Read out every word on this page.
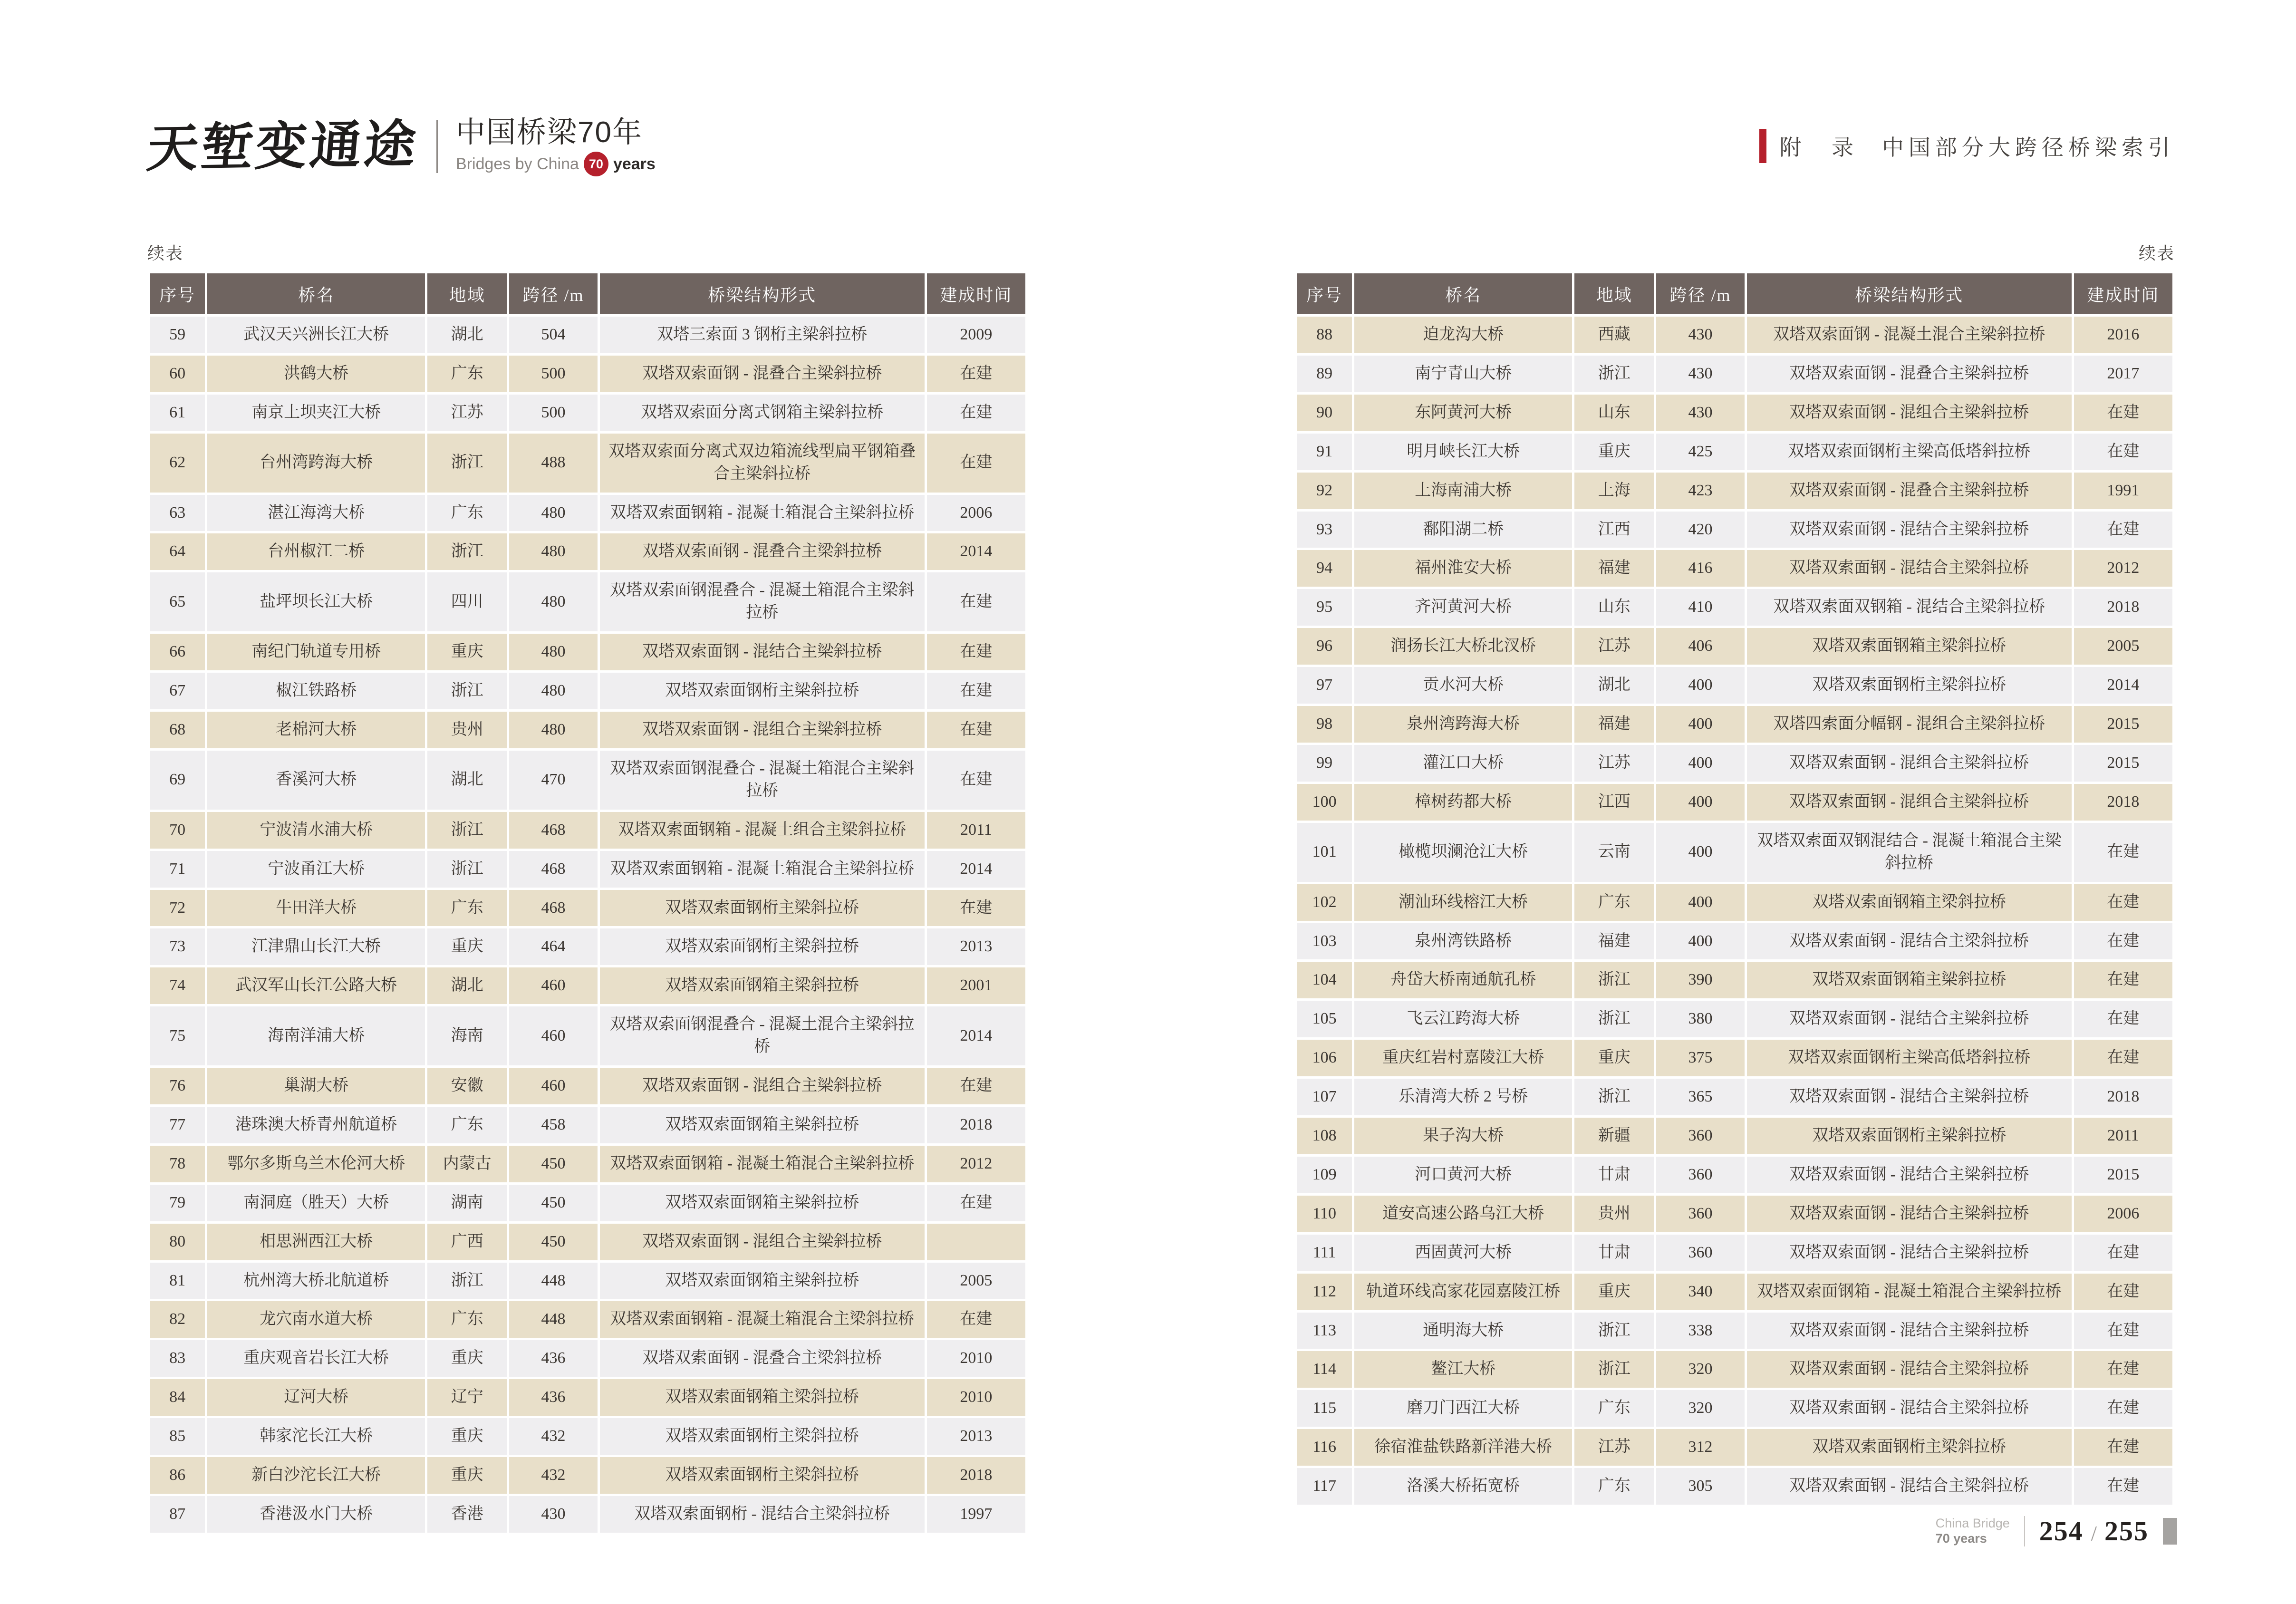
天堑变通途 中国桥梁70年
Bridges by China 70 years
附 录 中国部分大跨径桥梁索引
续表
序号	桥名	地域	跨径 /m	桥梁结构形式	建成时间
59	武汉天兴洲长江大桥	湖北	504	双塔三索面 3 钢桁主梁斜拉桥	2009
60	洪鹤大桥	广东	500	双塔双索面钢 - 混叠合主梁斜拉桥	在建
61	南京上坝夹江大桥	江苏	500	双塔双索面分离式钢箱主梁斜拉桥	在建
62	台州湾跨海大桥	浙江	488	双塔双索面分离式双边箱流线型扁平钢箱叠合主梁斜拉桥	在建
63	湛江海湾大桥	广东	480	双塔双索面钢箱 - 混凝土箱混合主梁斜拉桥	2006
64	台州椒江二桥	浙江	480	双塔双索面钢 - 混叠合主梁斜拉桥	2014
65	盐坪坝长江大桥	四川	480	双塔双索面钢混叠合 - 混凝土箱混合主梁斜拉桥	在建
66	南纪门轨道专用桥	重庆	480	双塔双索面钢 - 混结合主梁斜拉桥	在建
67	椒江铁路桥	浙江	480	双塔双索面钢桁主梁斜拉桥	在建
68	老棉河大桥	贵州	480	双塔双索面钢 - 混组合主梁斜拉桥	在建
69	香溪河大桥	湖北	470	双塔双索面钢混叠合 - 混凝土箱混合主梁斜拉桥	在建
70	宁波清水浦大桥	浙江	468	双塔双索面钢箱 - 混凝土组合主梁斜拉桥	2011
71	宁波甬江大桥	浙江	468	双塔双索面钢箱 - 混凝土箱混合主梁斜拉桥	2014
72	牛田洋大桥	广东	468	双塔双索面钢桁主梁斜拉桥	在建
73	江津鼎山长江大桥	重庆	464	双塔双索面钢桁主梁斜拉桥	2013
74	武汉军山长江公路大桥	湖北	460	双塔双索面钢箱主梁斜拉桥	2001
75	海南洋浦大桥	海南	460	双塔双索面钢混叠合 - 混凝土混合主梁斜拉桥	2014
76	巢湖大桥	安徽	460	双塔双索面钢 - 混组合主梁斜拉桥	在建
77	港珠澳大桥青州航道桥	广东	458	双塔双索面钢箱主梁斜拉桥	2018
78	鄂尔多斯乌兰木伦河大桥	内蒙古	450	双塔双索面钢箱 - 混凝土箱混合主梁斜拉桥	2012
79	南洞庭（胜天）大桥	湖南	450	双塔双索面钢箱主梁斜拉桥	在建
80	相思洲西江大桥	广西	450	双塔双索面钢 - 混组合主梁斜拉桥	
81	杭州湾大桥北航道桥	浙江	448	双塔双索面钢箱主梁斜拉桥	2005
82	龙穴南水道大桥	广东	448	双塔双索面钢箱 - 混凝土箱混合主梁斜拉桥	在建
83	重庆观音岩长江大桥	重庆	436	双塔双索面钢 - 混叠合主梁斜拉桥	2010
84	辽河大桥	辽宁	436	双塔双索面钢箱主梁斜拉桥	2010
85	韩家沱长江大桥	重庆	432	双塔双索面钢桁主梁斜拉桥	2013
86	新白沙沱长江大桥	重庆	432	双塔双索面钢桁主梁斜拉桥	2018
87	香港汲水门大桥	香港	430	双塔双索面钢桁 - 混结合主梁斜拉桥	1997
续表
序号	桥名	地域	跨径 /m	桥梁结构形式	建成时间
88	迫龙沟大桥	西藏	430	双塔双索面钢 - 混凝土混合主梁斜拉桥	2016
89	南宁青山大桥	浙江	430	双塔双索面钢 - 混叠合主梁斜拉桥	2017
90	东阿黄河大桥	山东	430	双塔双索面钢 - 混组合主梁斜拉桥	在建
91	明月峡长江大桥	重庆	425	双塔双索面钢桁主梁高低塔斜拉桥	在建
92	上海南浦大桥	上海	423	双塔双索面钢 - 混叠合主梁斜拉桥	1991
93	鄱阳湖二桥	江西	420	双塔双索面钢 - 混结合主梁斜拉桥	在建
94	福州淮安大桥	福建	416	双塔双索面钢 - 混结合主梁斜拉桥	2012
95	齐河黄河大桥	山东	410	双塔双索面双钢箱 - 混结合主梁斜拉桥	2018
96	润扬长江大桥北汊桥	江苏	406	双塔双索面钢箱主梁斜拉桥	2005
97	贡水河大桥	湖北	400	双塔双索面钢桁主梁斜拉桥	2014
98	泉州湾跨海大桥	福建	400	双塔四索面分幅钢 - 混组合主梁斜拉桥	2015
99	灌江口大桥	江苏	400	双塔双索面钢 - 混组合主梁斜拉桥	2015
100	樟树药都大桥	江西	400	双塔双索面钢 - 混组合主梁斜拉桥	2018
101	橄榄坝澜沧江大桥	云南	400	双塔双索面双钢混结合 - 混凝土箱混合主梁斜拉桥	在建
102	潮汕环线榕江大桥	广东	400	双塔双索面钢箱主梁斜拉桥	在建
103	泉州湾铁路桥	福建	400	双塔双索面钢 - 混结合主梁斜拉桥	在建
104	舟岱大桥南通航孔桥	浙江	390	双塔双索面钢箱主梁斜拉桥	在建
105	飞云江跨海大桥	浙江	380	双塔双索面钢 - 混结合主梁斜拉桥	在建
106	重庆红岩村嘉陵江大桥	重庆	375	双塔双索面钢桁主梁高低塔斜拉桥	在建
107	乐清湾大桥 2 号桥	浙江	365	双塔双索面钢 - 混结合主梁斜拉桥	2018
108	果子沟大桥	新疆	360	双塔双索面钢桁主梁斜拉桥	2011
109	河口黄河大桥	甘肃	360	双塔双索面钢 - 混结合主梁斜拉桥	2015
110	道安高速公路乌江大桥	贵州	360	双塔双索面钢 - 混结合主梁斜拉桥	2006
111	西固黄河大桥	甘肃	360	双塔双索面钢 - 混结合主梁斜拉桥	在建
112	轨道环线高家花园嘉陵江桥	重庆	340	双塔双索面钢箱 - 混凝土箱混合主梁斜拉桥	在建
113	通明海大桥	浙江	338	双塔双索面钢 - 混结合主梁斜拉桥	在建
114	鳌江大桥	浙江	320	双塔双索面钢 - 混结合主梁斜拉桥	在建
115	磨刀门西江大桥	广东	320	双塔双索面钢 - 混结合主梁斜拉桥	在建
116	徐宿淮盐铁路新洋港大桥	江苏	312	双塔双索面钢桁主梁斜拉桥	在建
117	洛溪大桥拓宽桥	广东	305	双塔双索面钢 - 混结合主梁斜拉桥	在建
China Bridge
70 years	254 / 255
